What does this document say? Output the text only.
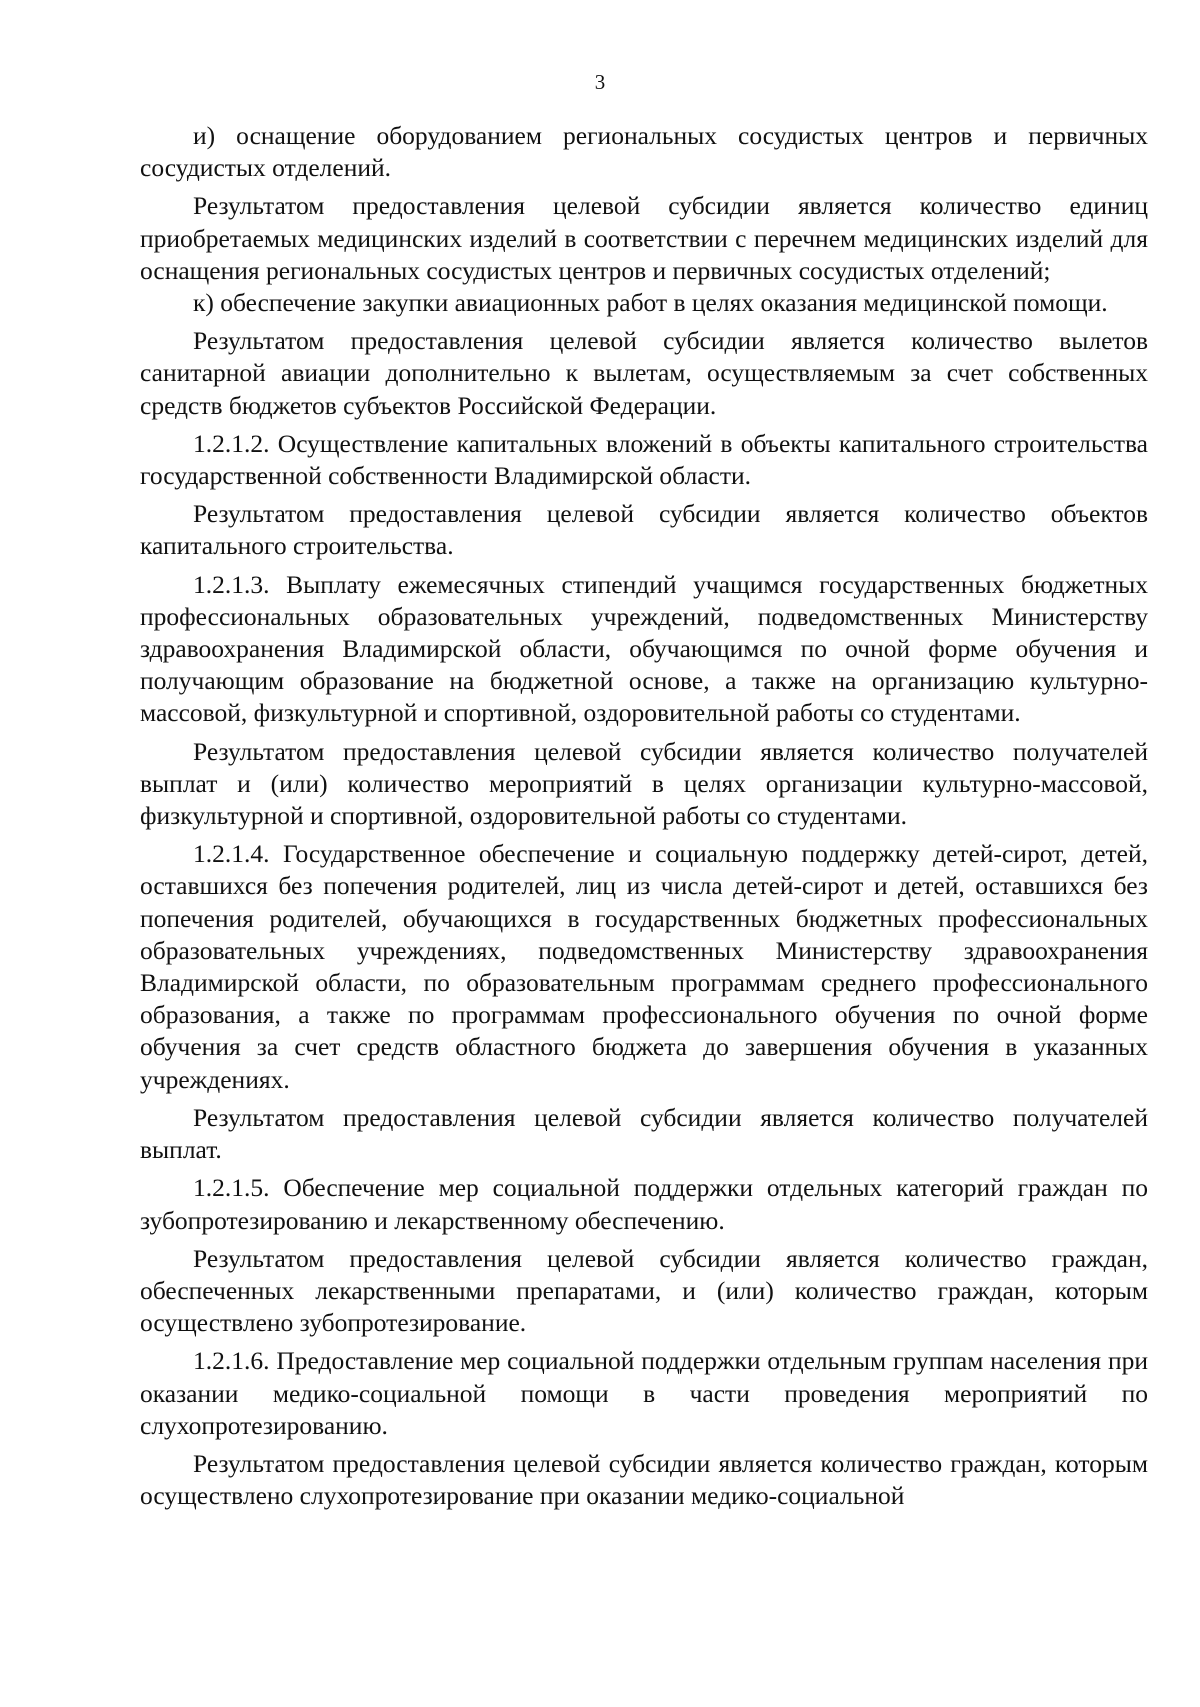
3

и) оснащение оборудованием региональных сосудистых центров и первичных сосудистых отделений.

Результатом предоставления целевой субсидии является количество единиц приобретаемых медицинских изделий в соответствии с перечнем медицинских изделий для оснащения региональных сосудистых центров и первичных сосудистых отделений;

к) обеспечение закупки авиационных работ в целях оказания медицинской помощи.

Результатом предоставления целевой субсидии является количество вылетов санитарной авиации дополнительно к вылетам, осуществляемым за счет собственных средств бюджетов субъектов Российской Федерации.

1.2.1.2. Осуществление капитальных вложений в объекты капитального строительства государственной собственности Владимирской области.

Результатом предоставления целевой субсидии является количество объектов капитального строительства.

1.2.1.3. Выплату ежемесячных стипендий учащимся государственных бюджетных профессиональных образовательных учреждений, подведомственных Министерству здравоохранения Владимирской области, обучающимся по очной форме обучения и получающим образование на бюджетной основе, а также на организацию культурно-массовой, физкультурной и спортивной, оздоровительной работы со студентами.

Результатом предоставления целевой субсидии является количество получателей выплат и (или) количество мероприятий в целях организации культурно-массовой, физкультурной и спортивной, оздоровительной работы со студентами.

1.2.1.4. Государственное обеспечение и социальную поддержку детей-сирот, детей, оставшихся без попечения родителей, лиц из числа детей-сирот и детей, оставшихся без попечения родителей, обучающихся в государственных бюджетных профессиональных образовательных учреждениях, подведомственных Министерству здравоохранения Владимирской области, по образовательным программам среднего профессионального образования, а также по программам профессионального обучения по очной форме обучения за счет средств областного бюджета до завершения обучения в указанных учреждениях.

Результатом предоставления целевой субсидии является количество получателей выплат.

1.2.1.5. Обеспечение мер социальной поддержки отдельных категорий граждан по зубопротезированию и лекарственному обеспечению.

Результатом предоставления целевой субсидии является количество граждан, обеспеченных лекарственными препаратами, и (или) количество граждан, которым осуществлено зубопротезирование.

1.2.1.6. Предоставление мер социальной поддержки отдельным группам населения при оказании медико-социальной помощи в части проведения мероприятий по слухопротезированию.

Результатом предоставления целевой субсидии является количество граждан, которым осуществлено слухопротезирование при оказании медико-социальной
